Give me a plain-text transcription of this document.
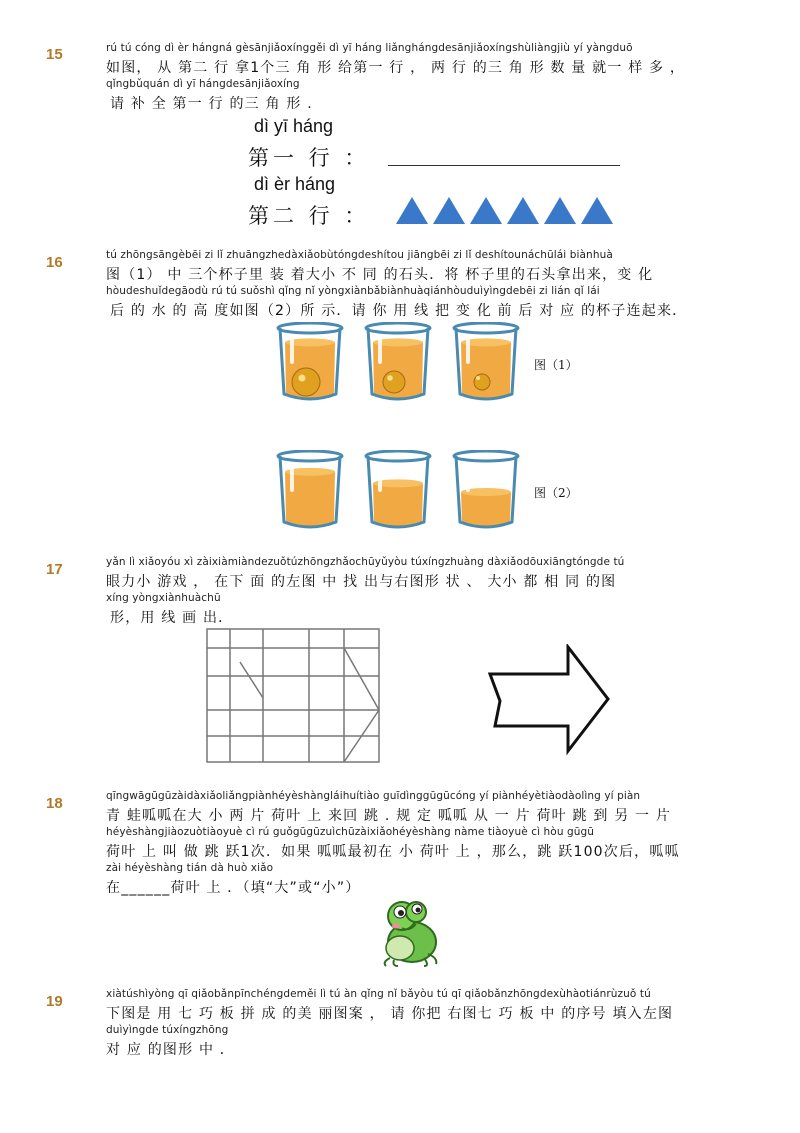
15	rú tú cóng dì èr hángná gèsānjiǎoxínggěi dì yī háng liǎnghángdesānjiǎoxíngshùliàngjiù yí yàngduō
如图， 从 第二 行 拿1个三 角 形 给第一 行 ， 两 行 的三 角 形 数 量 就一 样 多 ，
qǐngbǔquán dì yī hángdesānjiǎoxíng
请 补 全 第一 行 的三 角 形 .
dì yī háng
第一 行 ：
dì èr háng
第二 行 ：
16	tú zhōngsāngèbēi zi lǐ zhuāngzhedàxiǎobùtóngdeshítou jiāngbēi zi lǐ deshítounáchūlái biànhuà
图（1） 中 三个杯子里 装 着大小 不 同 的石头．将 杯子里的石头拿出来，变 化
hòudeshuǐdegāodù rú tú suǒshì qǐng nǐ yòngxiànbǎbiànhuàqiánhòuduìyìngdebēi zi lián qǐ lái
后 的 水 的 高 度如图（2）所 示．请 你 用 线 把 变 化 前 后 对 应 的杯子连起来．
图（1）
图（2）
17	yǎn lì xiǎoyóu xì zàixiàmiàndezuǒtúzhōngzhǎochūyǔyòu túxíngzhuàng dàxiǎodōuxiāngtóngde tú
眼力小 游戏 ， 在下 面 的左图 中 找 出与右图形 状 、 大小 都 相 同 的图
xíng yòngxiànhuàchū
形，用 线 画 出．
18	qīngwāgūgūzàidàxiǎoliǎngpiànhéyèshàngláihuítiào guīdìnggūgūcóng yí piànhéyètiàodàolìng yí piàn
青 蛙呱呱在大 小 两 片 荷叶 上 来回 跳 . 规 定 呱呱 从 一 片 荷叶 跳 到 另 一 片
héyèshàngjiàozuòtiàoyuè cì rú guǒgūgūzuìchūzàixiǎohéyèshàng nàme tiàoyuè cì hòu gūgū
荷叶 上 叫 做 跳 跃1次．如果 呱呱最初在 小 荷叶 上 ，那么，跳 跃100次后，呱呱
zài héyèshàng tián dà huò xiǎo
在______荷叶 上 ．（填“大”或“小”）
19	xiàtúshìyòng qī qiǎobǎnpīnchéngdeměi lì tú àn qǐng nǐ bǎyòu tú qī qiǎobǎnzhōngdexùhàotiánrùzuǒ tú
下图是 用 七 巧 板 拼 成 的美 丽图案 ， 请 你把 右图七 巧 板 中 的序号 填入左图
duìyìngde túxíngzhōng
对 应 的图形 中 ．
